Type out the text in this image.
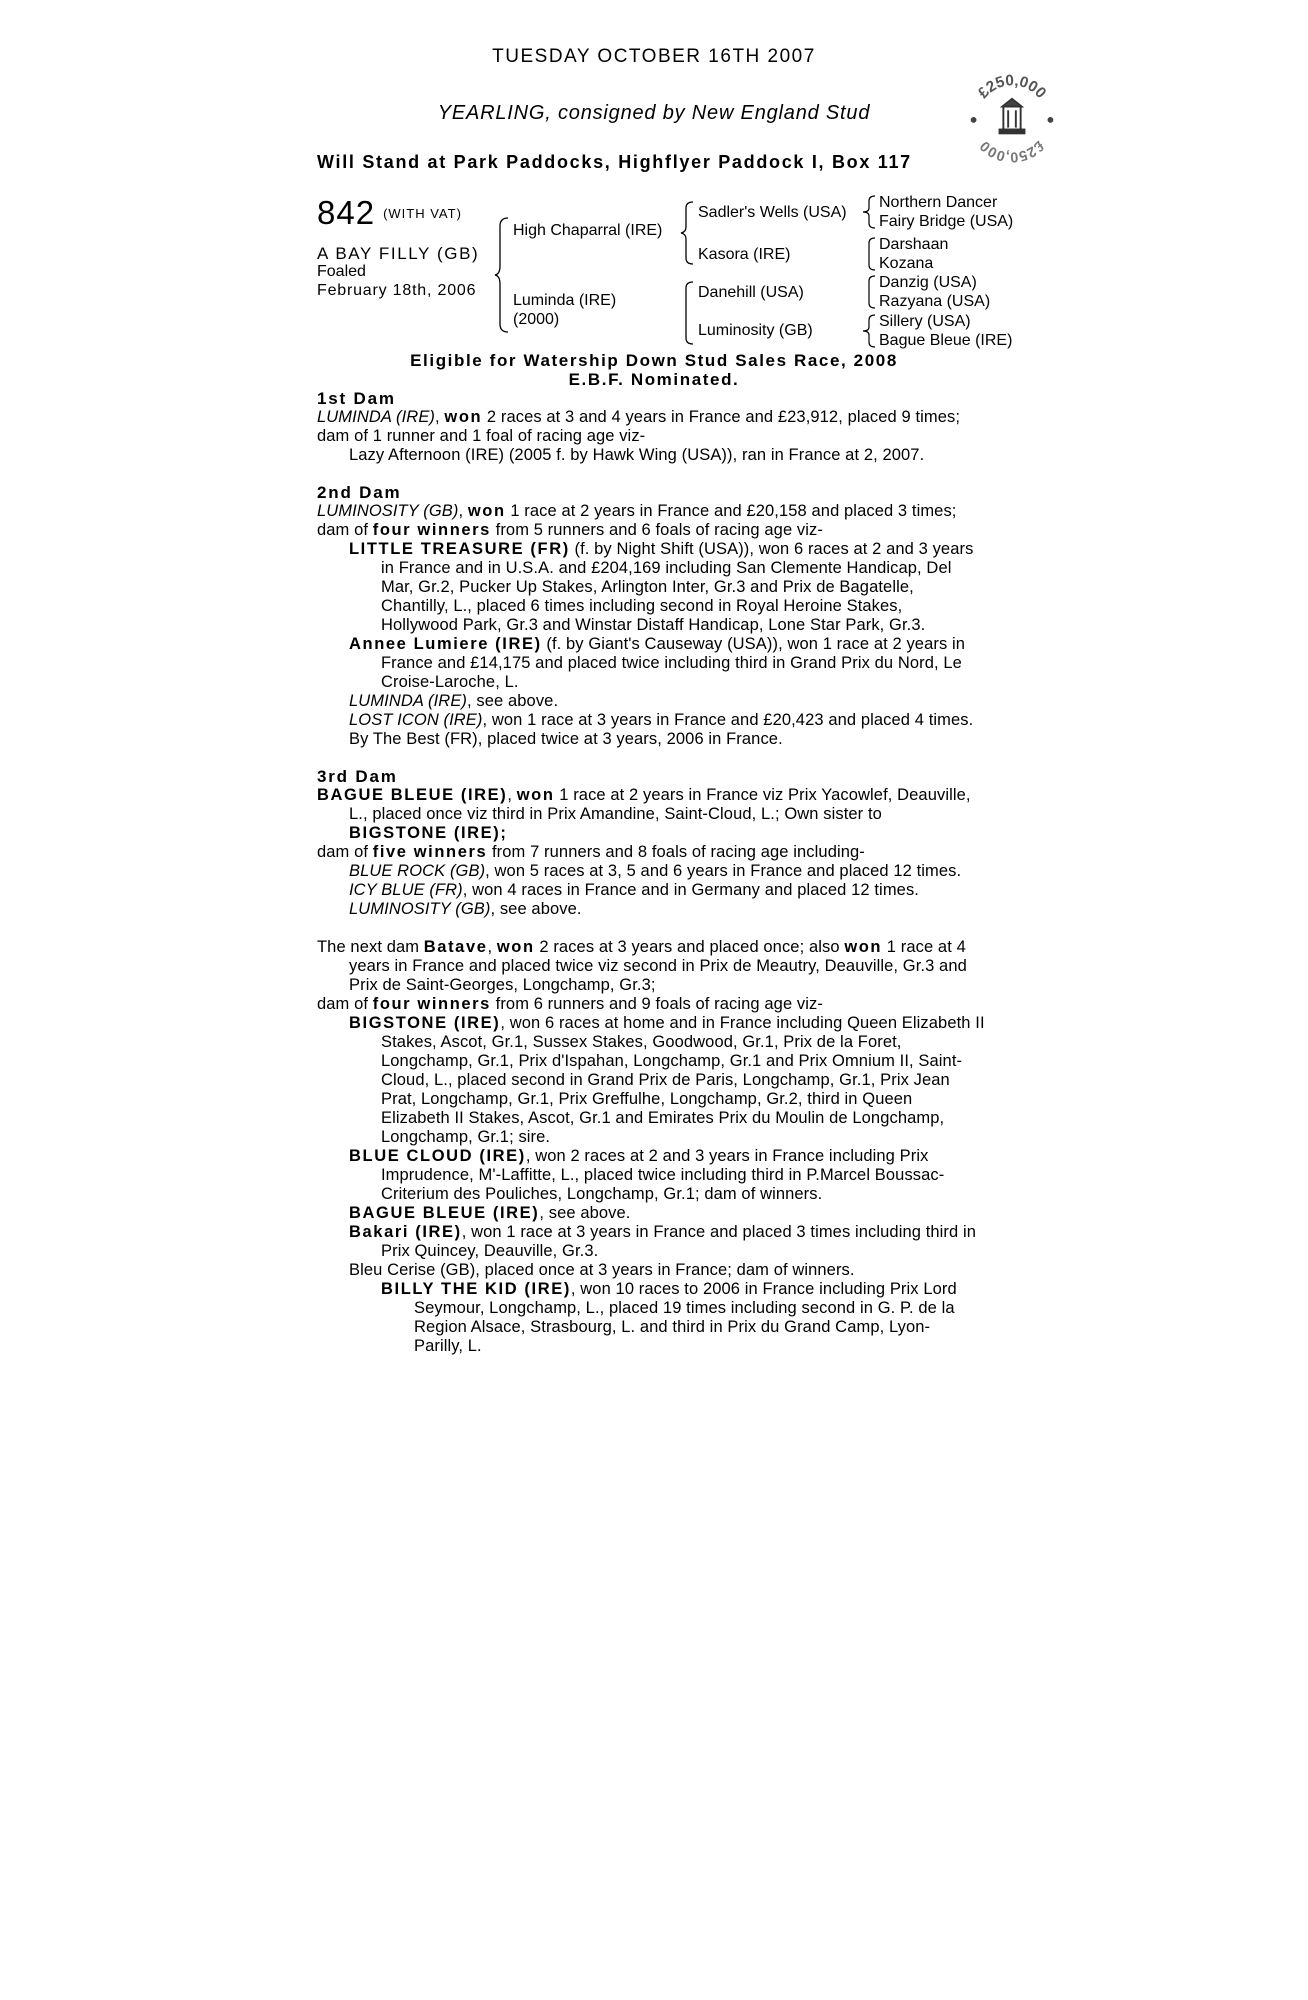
TUESDAY OCTOBER 16TH 2007
YEARLING, consigned by New England Stud
Will Stand at Park Paddocks, Highflyer Paddock I, Box 117
£250,000
£250,000
842 $^{(WITH VAT)}$
A BAY FILLY (GB)
Foaled
February 18th, 2006
High Chaparral (IRE)
Luminda (IRE)
(2000)
Sadler's Wells (USA)
Kasora (IRE)
Danehill (USA)
Luminosity (GB)
Northern Dancer
Fairy Bridge (USA)
Darshaan
Kozana
Danzig (USA)
Razyana (USA)
Sillery (USA)
Bague Bleue (IRE)
Eligible for Watership Down Stud Sales Race, 2008
E.B.F. Nominated.
1st Dam
LUMINDA (IRE), won 2 races at 3 and 4 years in France and £23,912, placed 9 times;
dam of 1 runner and 1 foal of racing age viz-
Lazy Afternoon (IRE) (2005 f. by Hawk Wing (USA)), ran in France at 2, 2007.
2nd Dam
LUMINOSITY (GB), won 1 race at 2 years in France and £20,158 and placed 3 times;
dam of four winners from 5 runners and 6 foals of racing age viz-
LITTLE TREASURE (FR) (f. by Night Shift (USA)), won 6 races at 2 and 3 years
in France and in U.S.A. and £204,169 including San Clemente Handicap, Del
Mar, Gr.2, Pucker Up Stakes, Arlington Inter, Gr.3 and Prix de Bagatelle,
Chantilly, L., placed 6 times including second in Royal Heroine Stakes,
Hollywood Park, Gr.3 and Winstar Distaff Handicap, Lone Star Park, Gr.3.
Annee Lumiere (IRE) (f. by Giant's Causeway (USA)), won 1 race at 2 years in
France and £14,175 and placed twice including third in Grand Prix du Nord, Le
Croise-Laroche, L.
LUMINDA (IRE), see above.
LOST ICON (IRE), won 1 race at 3 years in France and £20,423 and placed 4 times.
By The Best (FR), placed twice at 3 years, 2006 in France.
3rd Dam
BAGUE BLEUE (IRE), won 1 race at 2 years in France viz Prix Yacowlef, Deauville,
L., placed once viz third in Prix Amandine, Saint-Cloud, L.; Own sister to
BIGSTONE (IRE);
dam of five winners from 7 runners and 8 foals of racing age including-
BLUE ROCK (GB), won 5 races at 3, 5 and 6 years in France and placed 12 times.
ICY BLUE (FR), won 4 races in France and in Germany and placed 12 times.
LUMINOSITY (GB), see above.
The next dam Batave, won 2 races at 3 years and placed once; also won 1 race at 4
years in France and placed twice viz second in Prix de Meautry, Deauville, Gr.3 and
Prix de Saint-Georges, Longchamp, Gr.3;
dam of four winners from 6 runners and 9 foals of racing age viz-
BIGSTONE (IRE), won 6 races at home and in France including Queen Elizabeth II
Stakes, Ascot, Gr.1, Sussex Stakes, Goodwood, Gr.1, Prix de la Foret,
Longchamp, Gr.1, Prix d'Ispahan, Longchamp, Gr.1 and Prix Omnium II, Saint-
Cloud, L., placed second in Grand Prix de Paris, Longchamp, Gr.1, Prix Jean
Prat, Longchamp, Gr.1, Prix Greffulhe, Longchamp, Gr.2, third in Queen
Elizabeth II Stakes, Ascot, Gr.1 and Emirates Prix du Moulin de Longchamp,
Longchamp, Gr.1; sire.
BLUE CLOUD (IRE), won 2 races at 2 and 3 years in France including Prix
Imprudence, M'-Laffitte, L., placed twice including third in P.Marcel Boussac-
Criterium des Pouliches, Longchamp, Gr.1; dam of winners.
BAGUE BLEUE (IRE), see above.
Bakari (IRE), won 1 race at 3 years in France and placed 3 times including third in
Prix Quincey, Deauville, Gr.3.
Bleu Cerise (GB), placed once at 3 years in France; dam of winners.
BILLY THE KID (IRE), won 10 races to 2006 in France including Prix Lord
Seymour, Longchamp, L., placed 19 times including second in G. P. de la
Region Alsace, Strasbourg, L. and third in Prix du Grand Camp, Lyon-
Parilly, L.
